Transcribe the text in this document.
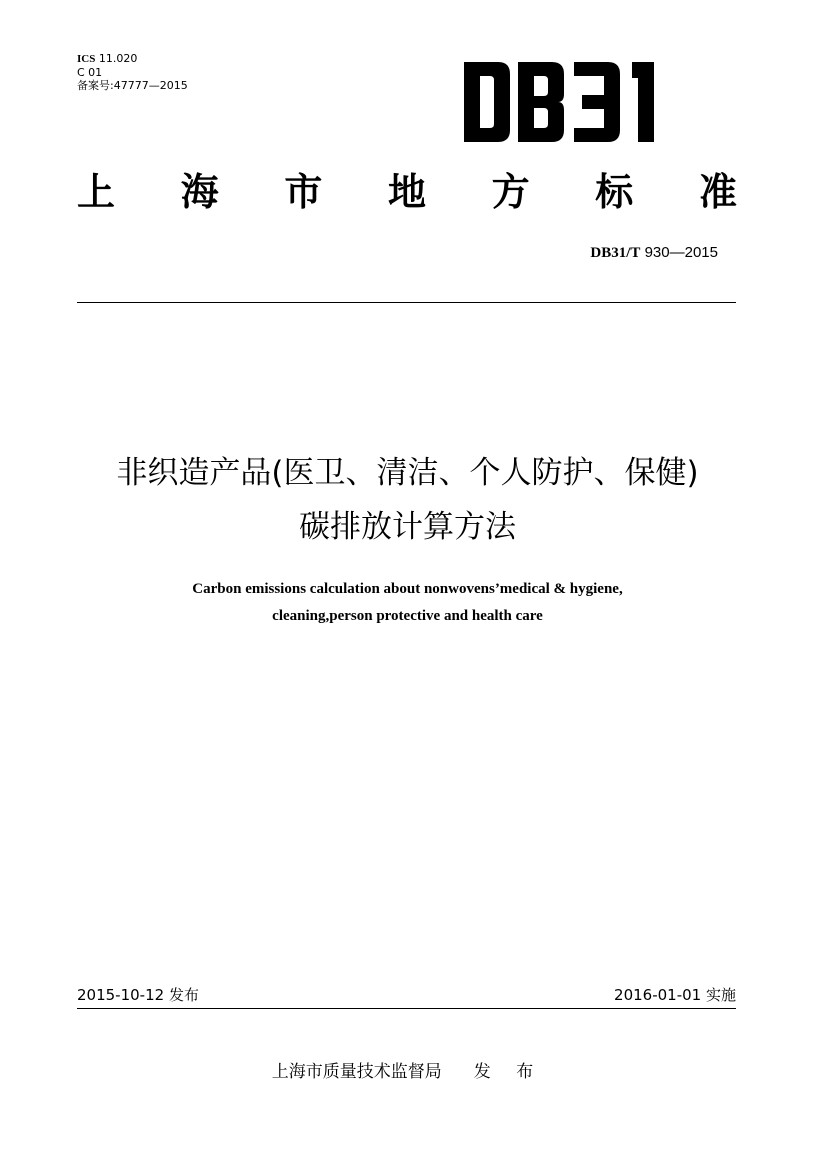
ICS 11.020
C 01
备案号:47777—2015
上 海 市 地 方 标 准
DB31/T 930—2015
非织造产品(医卫、清洁、个人防护、保健)
碳排放计算方法
Carbon emissions calculation about nonwovens’medical & hygiene,
cleaning,person protective and health care
2015-10-12 发布	2016-01-01 实施
上海市质量技术监督局 发 布
